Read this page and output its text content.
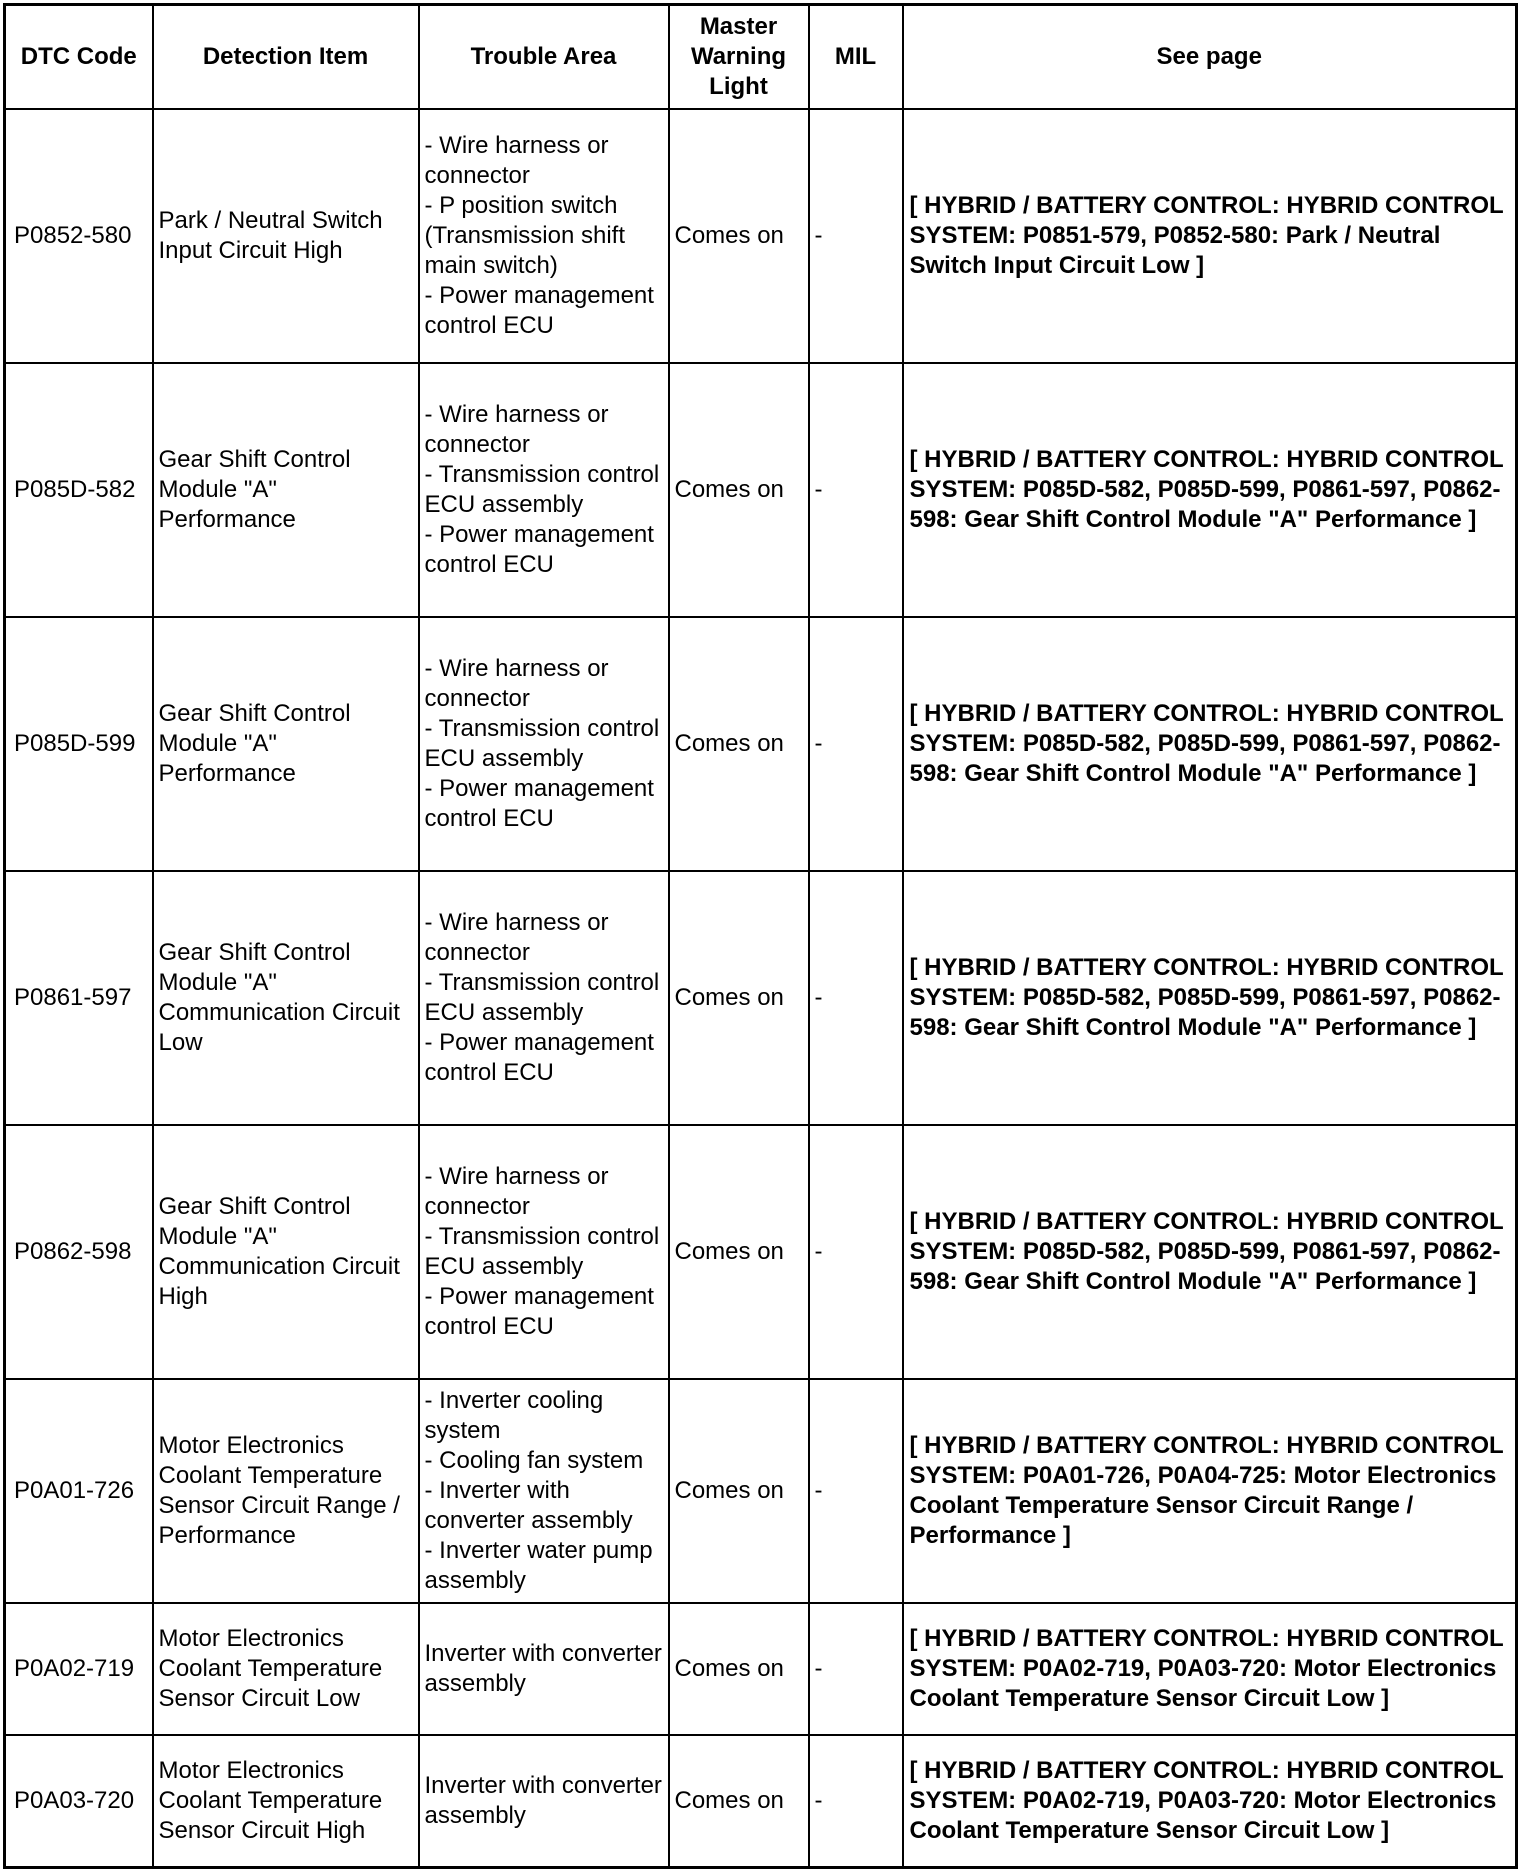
DTC Code	Detection Item	Trouble Area	Master Warning Light	MIL	See page
P0852-580	Park / Neutral Switch Input Circuit High	- Wire harness or connector
- P position switch (Transmission shift main switch)
- Power management control ECU	Comes on	-	[ HYBRID / BATTERY CONTROL: HYBRID CONTROL SYSTEM: P0851-579, P0852-580: Park / Neutral Switch Input Circuit Low ]
P085D-582	Gear Shift Control Module "A" Performance	- Wire harness or connector
- Transmission control ECU assembly
- Power management control ECU	Comes on	-	[ HYBRID / BATTERY CONTROL: HYBRID CONTROL SYSTEM: P085D-582, P085D-599, P0861-597, P0862-598: Gear Shift Control Module "A" Performance ]
P085D-599	Gear Shift Control Module "A" Performance	- Wire harness or connector
- Transmission control ECU assembly
- Power management control ECU	Comes on	-	[ HYBRID / BATTERY CONTROL: HYBRID CONTROL SYSTEM: P085D-582, P085D-599, P0861-597, P0862-598: Gear Shift Control Module "A" Performance ]
P0861-597	Gear Shift Control Module "A" Communication Circuit Low	- Wire harness or connector
- Transmission control ECU assembly
- Power management control ECU	Comes on	-	[ HYBRID / BATTERY CONTROL: HYBRID CONTROL SYSTEM: P085D-582, P085D-599, P0861-597, P0862-598: Gear Shift Control Module "A" Performance ]
P0862-598	Gear Shift Control Module "A" Communication Circuit High	- Wire harness or connector
- Transmission control ECU assembly
- Power management control ECU	Comes on	-	[ HYBRID / BATTERY CONTROL: HYBRID CONTROL SYSTEM: P085D-582, P085D-599, P0861-597, P0862-598: Gear Shift Control Module "A" Performance ]
P0A01-726	Motor Electronics Coolant Temperature Sensor Circuit Range / Performance	- Inverter cooling system
- Cooling fan system
- Inverter with converter assembly
- Inverter water pump assembly	Comes on	-	[ HYBRID / BATTERY CONTROL: HYBRID CONTROL SYSTEM: P0A01-726, P0A04-725: Motor Electronics Coolant Temperature Sensor Circuit Range / Performance ]
P0A02-719	Motor Electronics Coolant Temperature Sensor Circuit Low	Inverter with converter assembly	Comes on	-	[ HYBRID / BATTERY CONTROL: HYBRID CONTROL SYSTEM: P0A02-719, P0A03-720: Motor Electronics Coolant Temperature Sensor Circuit Low ]
P0A03-720	Motor Electronics Coolant Temperature Sensor Circuit High	Inverter with converter assembly	Comes on	-	[ HYBRID / BATTERY CONTROL: HYBRID CONTROL SYSTEM: P0A02-719, P0A03-720: Motor Electronics Coolant Temperature Sensor Circuit Low ]
